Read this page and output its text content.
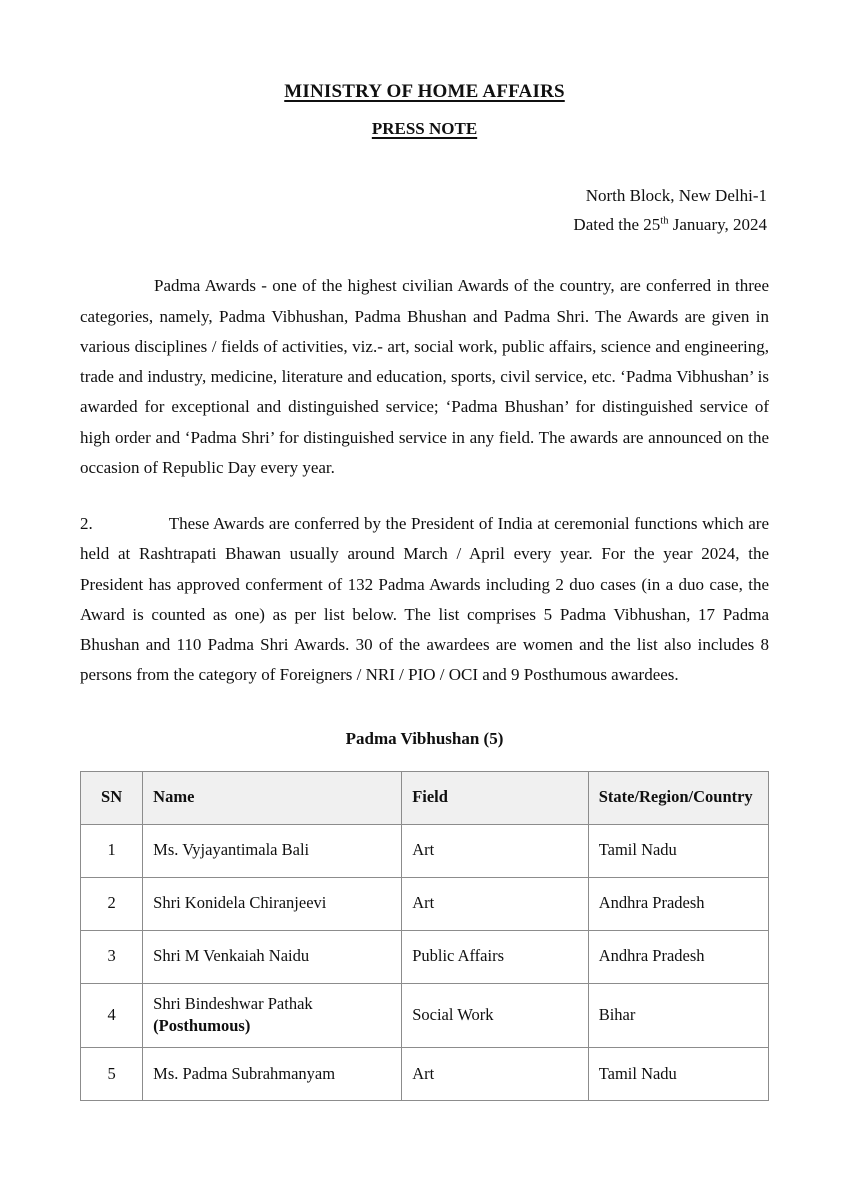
MINISTRY OF HOME AFFAIRS
PRESS NOTE
North Block, New Delhi-1
Dated the 25th January, 2024

Padma Awards - one of the highest civilian Awards of the country, are conferred in three categories, namely, Padma Vibhushan, Padma Bhushan and Padma Shri. The Awards are given in various disciplines / fields of activities, viz.- art, social work, public affairs, science and engineering, trade and industry, medicine, literature and education, sports, civil service, etc. ‘Padma Vibhushan’ is awarded for exceptional and distinguished service; ‘Padma Bhushan’ for distinguished service of high order and ‘Padma Shri’ for distinguished service in any field. The awards are announced on the occasion of Republic Day every year.

2.	These Awards are conferred by the President of India at ceremonial functions which are held at Rashtrapati Bhawan usually around March / April every year. For the year 2024, the President has approved conferment of 132 Padma Awards including 2 duo cases (in a duo case, the Award is counted as one) as per list below. The list comprises 5 Padma Vibhushan, 17 Padma Bhushan and 110 Padma Shri Awards. 30 of the awardees are women and the list also includes 8 persons from the category of Foreigners / NRI / PIO / OCI and 9 Posthumous awardees.

Padma Vibhushan (5)
SN	Name	Field	State/Region/Country
1	Ms. Vyjayantimala Bali	Art	Tamil Nadu
2	Shri Konidela Chiranjeevi	Art	Andhra Pradesh
3	Shri M Venkaiah Naidu	Public Affairs	Andhra Pradesh
4	Shri Bindeshwar Pathak
(Posthumous)	Social Work	Bihar
5	Ms. Padma Subrahmanyam	Art	Tamil Nadu
